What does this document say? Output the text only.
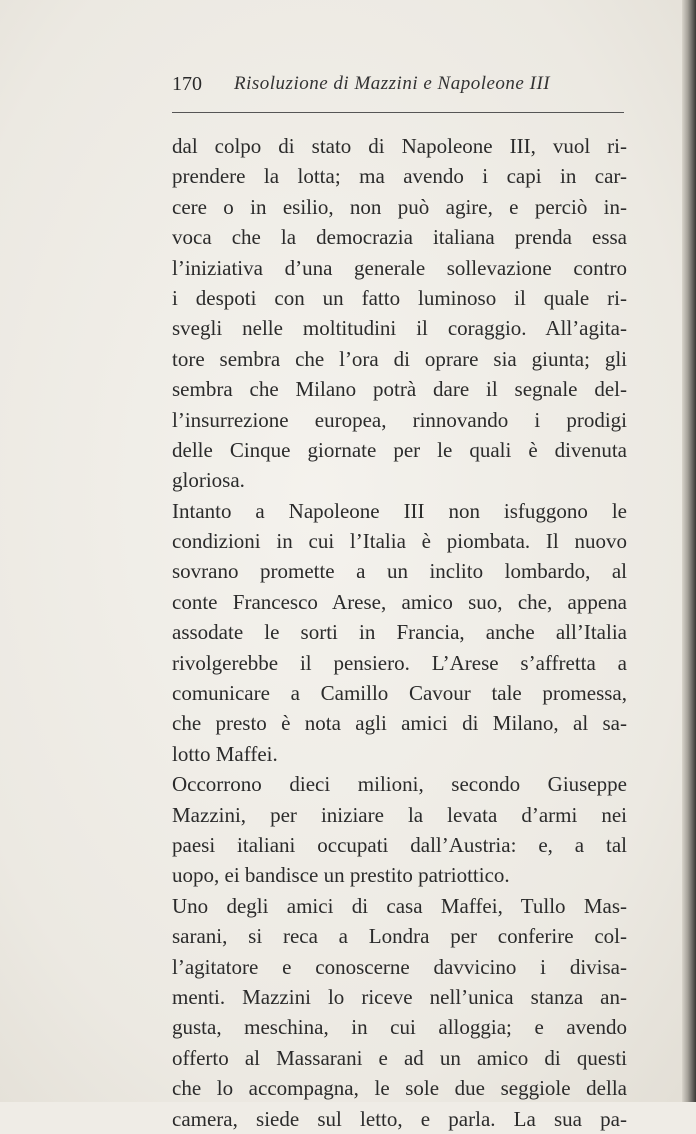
170 Risoluzione di Mazzini e Napoleone III
dal colpo di stato di Napoleone III, vuol ri-
prendere la lotta; ma avendo i capi in car-
cere o in esilio, non può agire, e perciò in-
voca che la democrazia italiana prenda essa
l’iniziativa d’una generale sollevazione contro
i despoti con un fatto luminoso il quale ri-
svegli nelle moltitudini il coraggio. All’agita-
tore sembra che l’ora di oprare sia giunta; gli
sembra che Milano potrà dare il segnale del-
l’insurrezione europea, rinnovando i prodigi
delle Cinque giornate per le quali è divenuta
gloriosa.
Intanto a Napoleone III non isfuggono le
condizioni in cui l’Italia è piombata. Il nuovo
sovrano promette a un inclito lombardo, al
conte Francesco Arese, amico suo, che, appena
assodate le sorti in Francia, anche all’Italia
rivolgerebbe il pensiero. L’Arese s’affretta a
comunicare a Camillo Cavour tale promessa,
che presto è nota agli amici di Milano, al sa-
lotto Maffei.
Occorrono dieci milioni, secondo Giuseppe
Mazzini, per iniziare la levata d’armi nei
paesi italiani occupati dall’Austria: e, a tal
uopo, ei bandisce un prestito patriottico.
Uno degli amici di casa Maffei, Tullo Mas-
sarani, si reca a Londra per conferire col-
l’agitatore e conoscerne davvicino i divisa-
menti. Mazzini lo riceve nell’unica stanza an-
gusta, meschina, in cui alloggia; e avendo
offerto al Massarani e ad un amico di questi
che lo accompagna, le sole due seggiole della
camera, siede sul letto, e parla. La sua pa-
